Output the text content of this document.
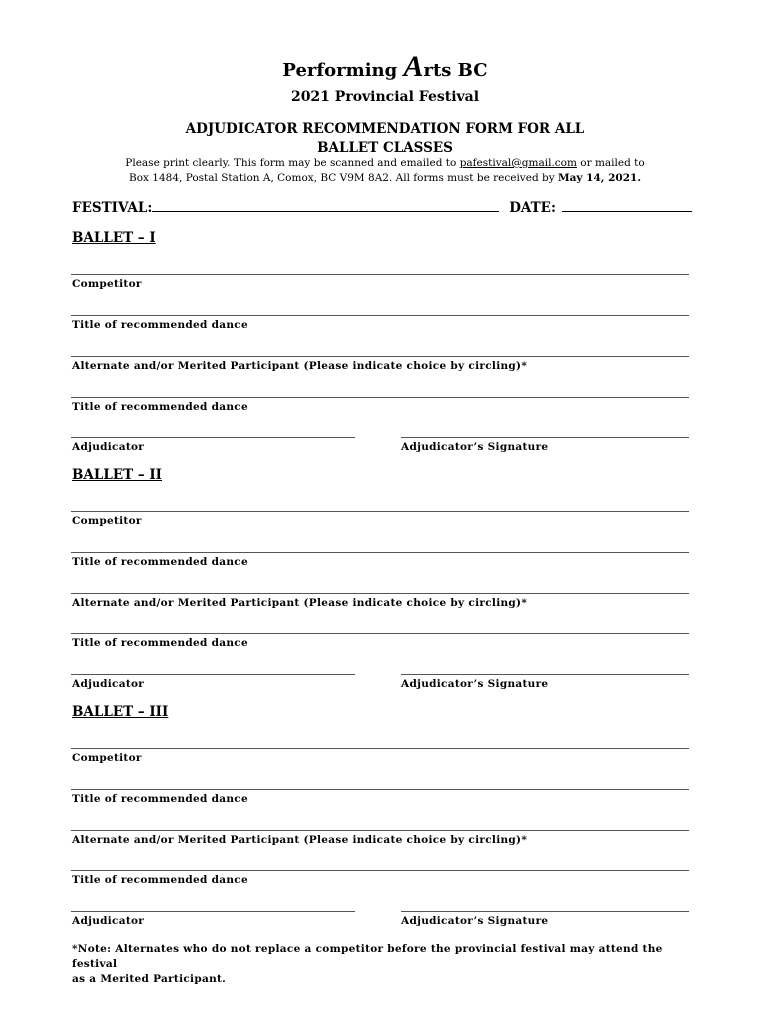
Performing Arts BC
2021 Provincial Festival
ADJUDICATOR RECOMMENDATION FORM FOR ALL
BALLET CLASSES
Please print clearly. This form may be scanned and emailed to pafestival@gmail.com or mailed to
Box 1484, Postal Station A, Comox, BC V9M 8A2. All forms must be received by May 14, 2021.
FESTIVAL:	DATE:
BALLET – I
Competitor
Title of recommended dance
Alternate and/or Merited Participant (Please indicate choice by circling)*
Title of recommended dance
Adjudicator	Adjudicator’s Signature
BALLET – II
Competitor
Title of recommended dance
Alternate and/or Merited Participant (Please indicate choice by circling)*
Title of recommended dance
Adjudicator	Adjudicator’s Signature
BALLET – III
Competitor
Title of recommended dance
Alternate and/or Merited Participant (Please indicate choice by circling)*
Title of recommended dance
Adjudicator	Adjudicator’s Signature
*Note: Alternates who do not replace a competitor before the provincial festival may attend the festival
as a Merited Participant.
